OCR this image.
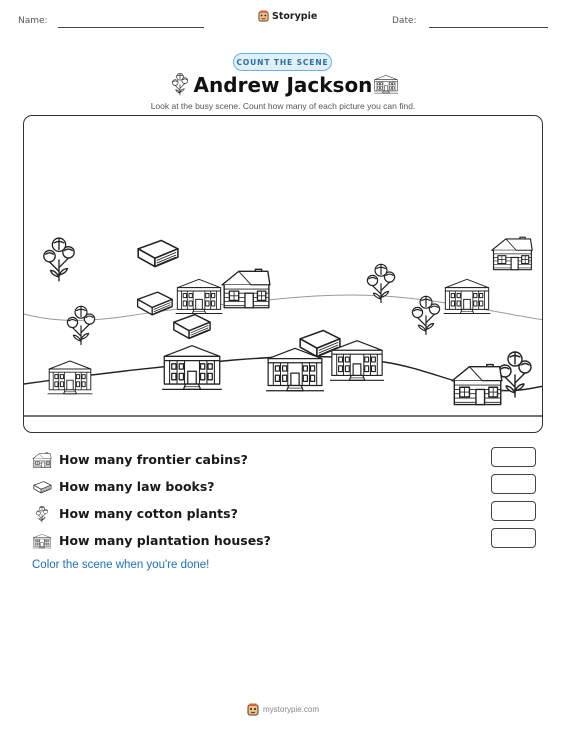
Name:	Storypie	Date:
COUNT THE SCENE
Andrew Jackson
Look at the busy scene. Count how many of each picture you can find.
How many frontier cabins?
How many law books?
How many cotton plants?
How many plantation houses?
Color the scene when you're done!
mystorypie.com
